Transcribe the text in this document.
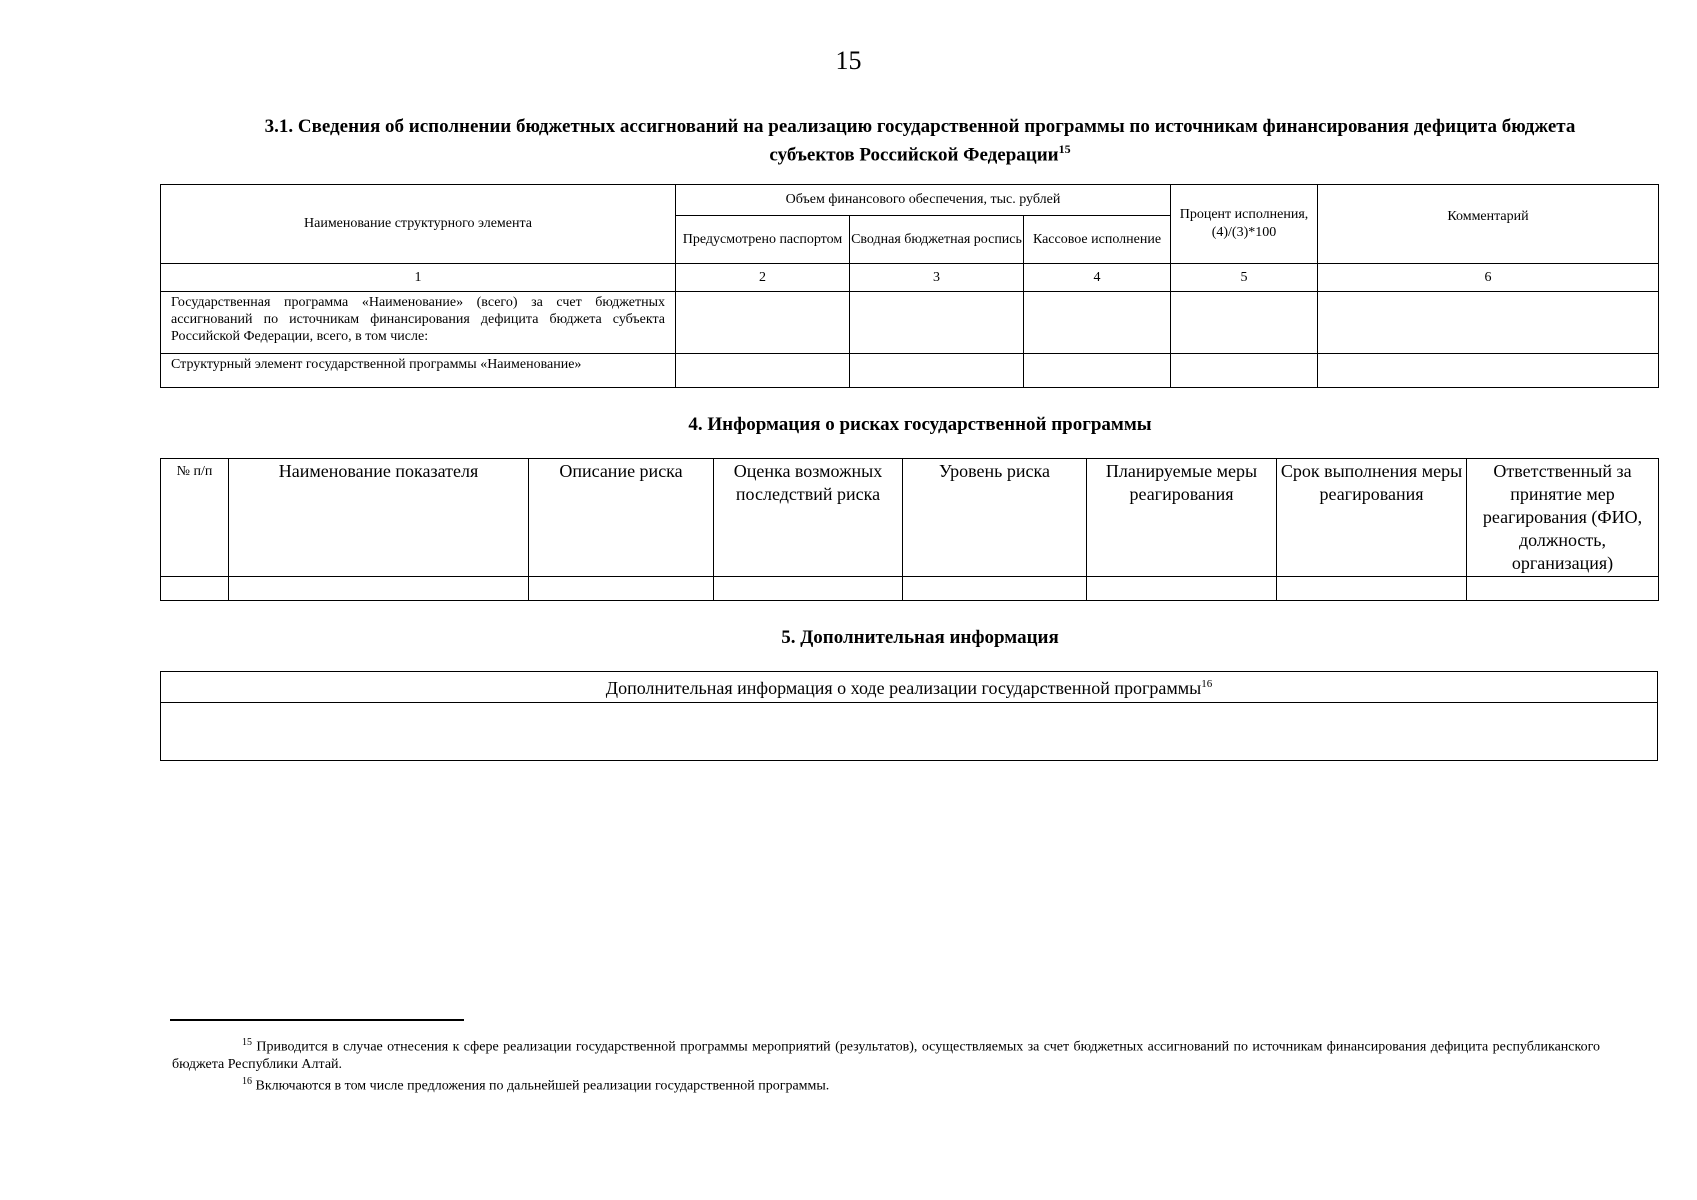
15
3.1. Сведения об исполнении бюджетных ассигнований на реализацию государственной программы по источникам финансирования дефицита бюджета
субъектов Российской Федерации$^{15}$
Наименование структурного элемента	Объем финансового обеспечения, тыс. рублей			Процент исполнения, (4)/(3)*100	Комментарий
	Предусмотрено паспортом	Сводная бюджетная роспись	Кассовое исполнение		
1	2	3	4	5	6
Государственная программа «Наименование» (всего) за счет бюджетных ассигнований по источникам финансирования дефицита бюджета субъекта Российской Федерации, всего, в том числе:					
Структурный элемент государственной программы «Наименование»					
4. Информация о рисках государственной программы
№ п/п	Наименование показателя	Описание риска	Оценка возможных последствий риска	Уровень риска	Планируемые меры реагирования	Срок выполнения меры реагирования	Ответственный за принятие мер реагирования (ФИО, должность, организация)

5. Дополнительная информация
Дополнительная информация о ходе реализации государственной программы$^{16}$

$^{15}$ Приводится в случае отнесения к сфере реализации государственной программы мероприятий (результатов), осуществляемых за счет бюджетных ассигнований по источникам финансирования дефицита республиканского бюджета Республики Алтай.

$^{16}$ Включаются в том числе предложения по дальнейшей реализации государственной программы.
